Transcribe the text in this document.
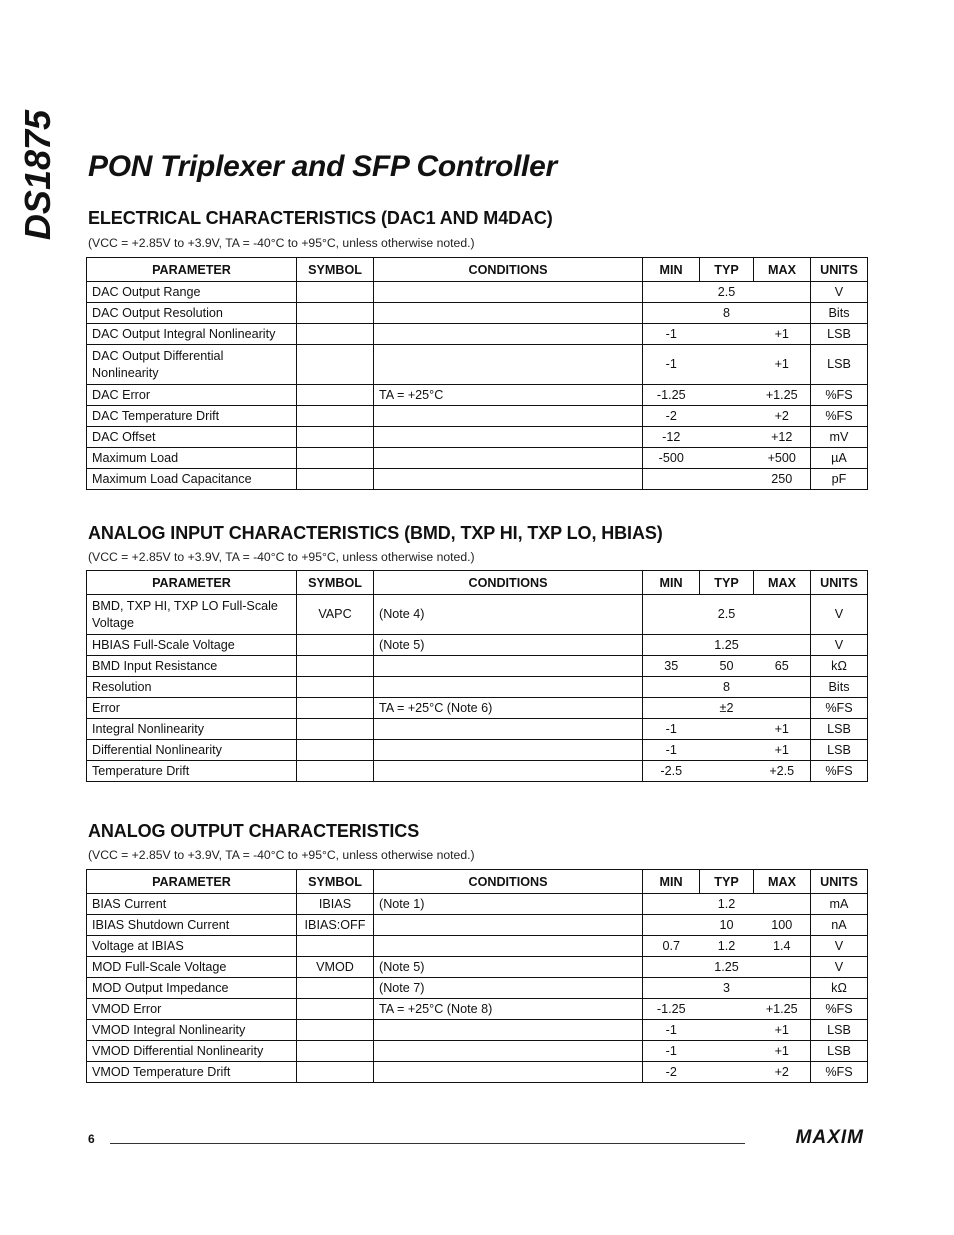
DS1875 PON Triplexer and SFP Controller
ELECTRICAL CHARACTERISTICS (DAC1 AND M4DAC)
(VCC = +2.85V to +3.9V, TA = -40°C to +95°C, unless otherwise noted.)
PARAMETER	SYMBOL	CONDITIONS	MIN	TYP	MAX	UNITS
DAC Output Range				2.5		V
DAC Output Resolution				8		Bits
DAC Output Integral Nonlinearity			-1		+1	LSB
DAC Output Differential Nonlinearity			-1		+1	LSB
DAC Error		TA = +25°C	-1.25		+1.25	%FS
DAC Temperature Drift			-2		+2	%FS
DAC Offset			-12		+12	mV
Maximum Load			-500		+500	µA
Maximum Load Capacitance					250	pF
ANALOG INPUT CHARACTERISTICS (BMD, TXP HI, TXP LO, HBIAS)
(VCC = +2.85V to +3.9V, TA = -40°C to +95°C, unless otherwise noted.)
PARAMETER	SYMBOL	CONDITIONS	MIN	TYP	MAX	UNITS
BMD, TXP HI, TXP LO Full-Scale Voltage	VAPC	(Note 4)		2.5		V
HBIAS Full-Scale Voltage		(Note 5)		1.25		V
BMD Input Resistance			35	50	65	kΩ
Resolution				8		Bits
Error		TA = +25°C (Note 6)		±2		%FS
Integral Nonlinearity			-1		+1	LSB
Differential Nonlinearity			-1		+1	LSB
Temperature Drift			-2.5		+2.5	%FS
ANALOG OUTPUT CHARACTERISTICS
(VCC = +2.85V to +3.9V, TA = -40°C to +95°C, unless otherwise noted.)
PARAMETER	SYMBOL	CONDITIONS	MIN	TYP	MAX	UNITS
BIAS Current	IBIAS	(Note 1)		1.2		mA
IBIAS Shutdown Current	IBIAS:OFF			10	100	nA
Voltage at IBIAS			0.7	1.2	1.4	V
MOD Full-Scale Voltage	VMOD	(Note 5)		1.25		V
MOD Output Impedance		(Note 7)		3		kΩ
VMOD Error		TA = +25°C (Note 8)	-1.25		+1.25	%FS
VMOD Integral Nonlinearity			-1		+1	LSB
VMOD Differential Nonlinearity			-1		+1	LSB
VMOD Temperature Drift			-2		+2	%FS
6	MAXIM
